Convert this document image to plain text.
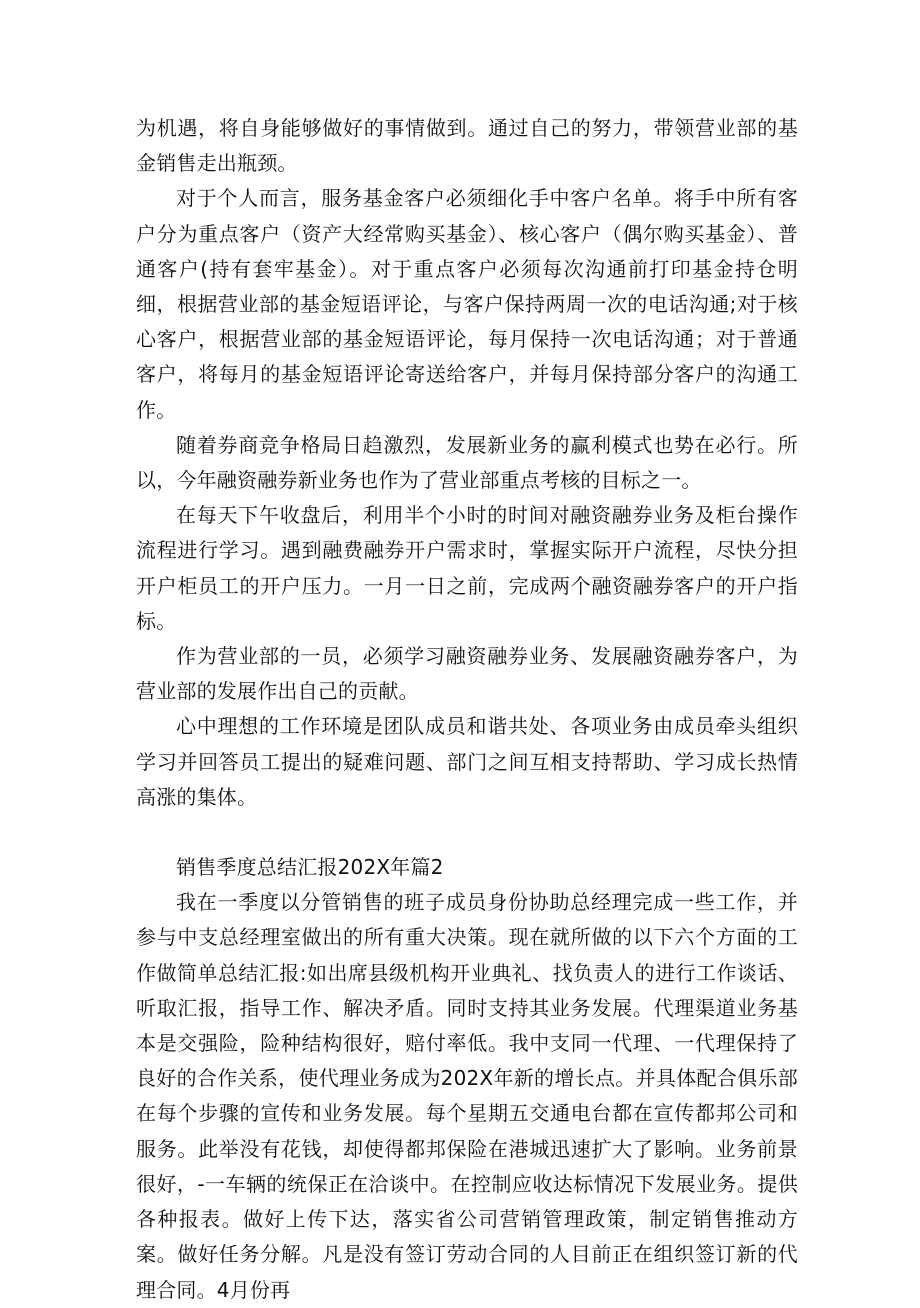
为机遇，将自身能够做好的事情做到。通过自己的努力，带领营业部的基金销售走出瓶颈。

对于个人而言，服务基金客户必须细化手中客户名单。将手中所有客户分为重点客户（资产大经常购买基金）、核心客户（偶尔购买基金）、普通客户(持有套牢基金）。对于重点客户必须每次沟通前打印基金持仓明细，根据营业部的基金短语评论，与客户保持两周一次的电话沟通;对于核心客户，根据营业部的基金短语评论，每月保持一次电话沟通；对于普通客户，将每月的基金短语评论寄送给客户，并每月保持部分客户的沟通工作。

随着券商竞争格局日趋激烈，发展新业务的赢利模式也势在必行。所以，今年融资融券新业务也作为了营业部重点考核的目标之一。

在每天下午收盘后，利用半个小时的时间对融资融券业务及柜台操作流程进行学习。遇到融费融券开户需求时，掌握实际开户流程，尽快分担开户柜员工的开户压力。一月一日之前，完成两个融资融券客户的开户指标。

作为营业部的一员，必须学习融资融券业务、发展融资融券客户，为营业部的发展作出自己的贡献。

心中理想的工作环境是团队成员和谐共处、各项业务由成员牵头组织学习并回答员工提出的疑难问题、部门之间互相支持帮助、学习成长热情高涨的集体。

销售季度总结汇报202X年篇2

我在一季度以分管销售的班子成员身份协助总经理完成一些工作，并参与中支总经理室做出的所有重大决策。现在就所做的以下六个方面的工作做简单总结汇报:如出席县级机构开业典礼、找负责人的进行工作谈话、听取汇报，指导工作、解决矛盾。同时支持其业务发展。代理渠道业务基本是交强险，险种结构很好，赔付率低。我中支同一代理、一代理保持了良好的合作关系，使代理业务成为202X年新的增长点。并具体配合俱乐部在每个步骤的宣传和业务发展。每个星期五交通电台都在宣传都邦公司和服务。此举没有花钱，却使得都邦保险在港城迅速扩大了影响。业务前景很好，-一车辆的统保正在洽谈中。在控制应收达标情况下发展业务。提供各种报表。做好上传下达，落实省公司营销管理政策，制定销售推动方案。做好任务分解。凡是没有签订劳动合同的人目前正在组织签订新的代理合同。4月份再
